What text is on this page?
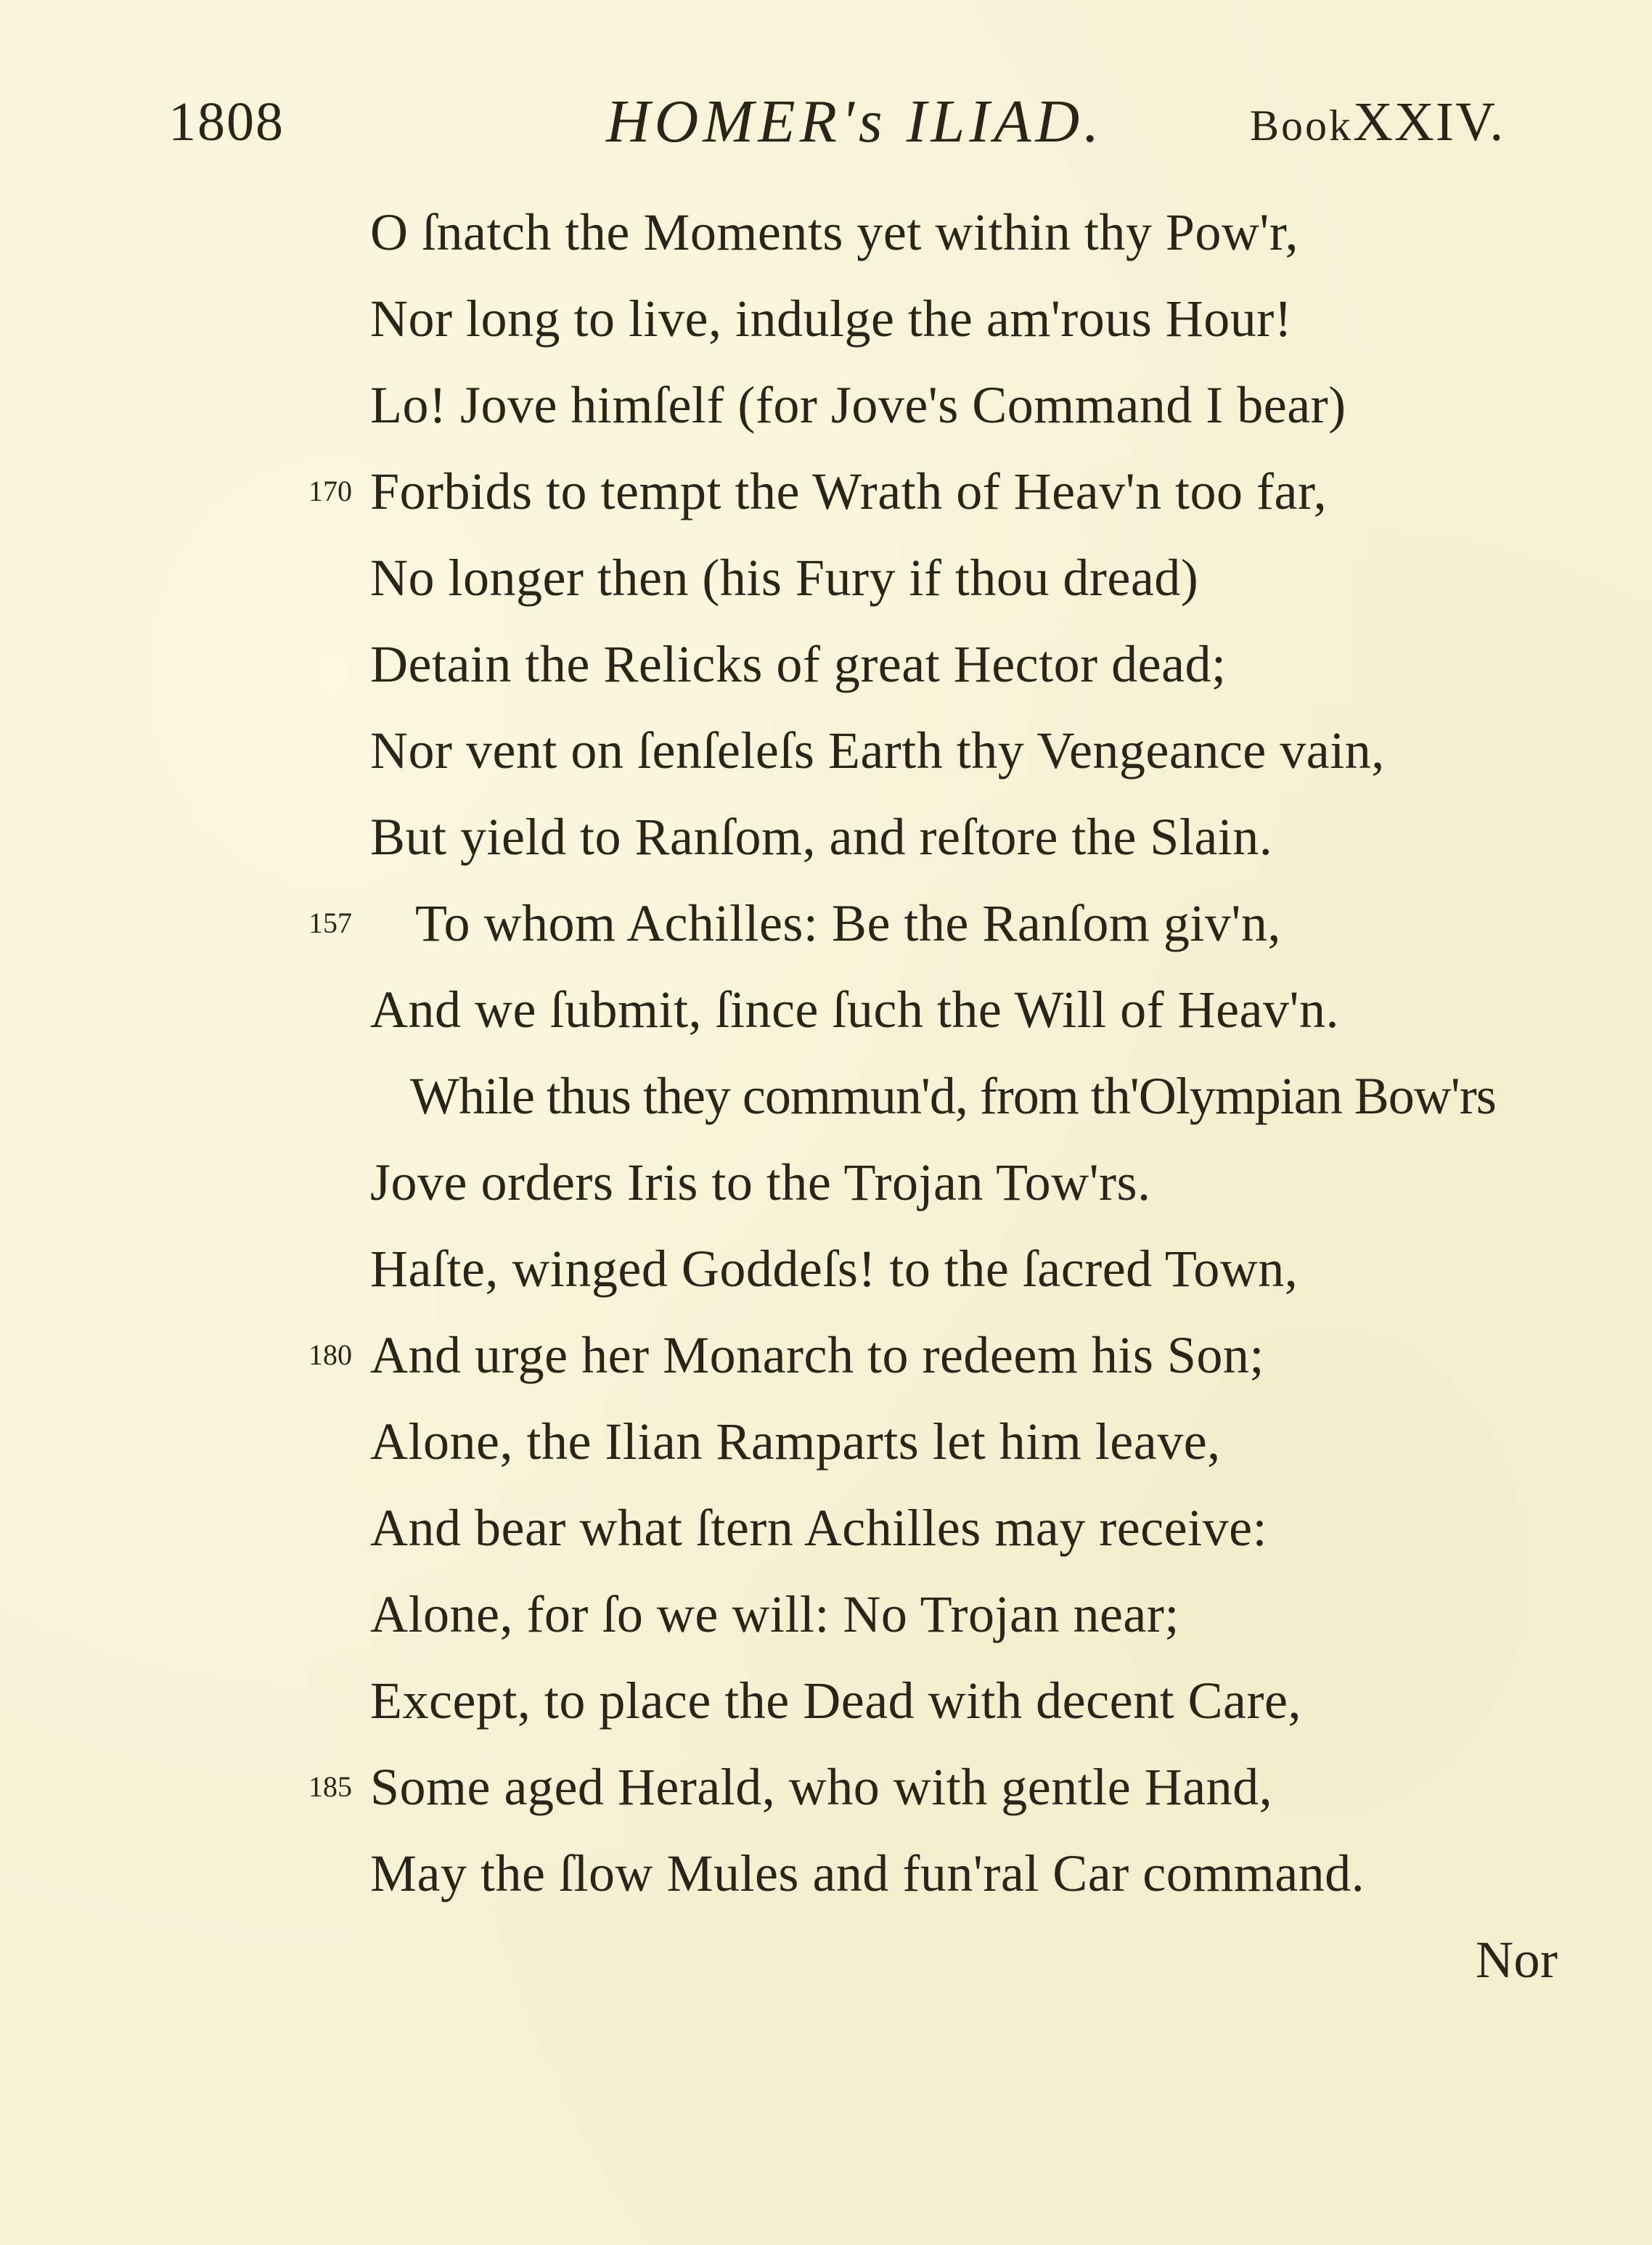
1808	HOMER's ILIAD.	BookXXIV.
O ſnatch the Moments yet within thy Pow'r,
Nor long to live, indulge the am'rous Hour!
Lo! Jove himſelf (for Jove's Command I bear)
170 Forbids to tempt the Wrath of Heav'n too far,
No longer then (his Fury if thou dread)
Detain the Relicks of great Hector dead;
Nor vent on ſenſeleſs Earth thy Vengeance vain,
But yield to Ranſom, and reſtore the Slain.
157 To whom Achilles: Be the Ranſom giv'n,
And we ſubmit, ſince ſuch the Will of Heav'n.
While thus they commun'd, from th'Olympian Bow'rs
Jove orders Iris to the Trojan Tow'rs.
Haſte, winged Goddeſs! to the ſacred Town,
180 And urge her Monarch to redeem his Son;
Alone, the Ilian Ramparts let him leave,
And bear what ſtern Achilles may receive:
Alone, for ſo we will: No Trojan near;
Except, to place the Dead with decent Care,
185 Some aged Herald, who with gentle Hand,
May the ſlow Mules and fun'ral Car command.
Nor
